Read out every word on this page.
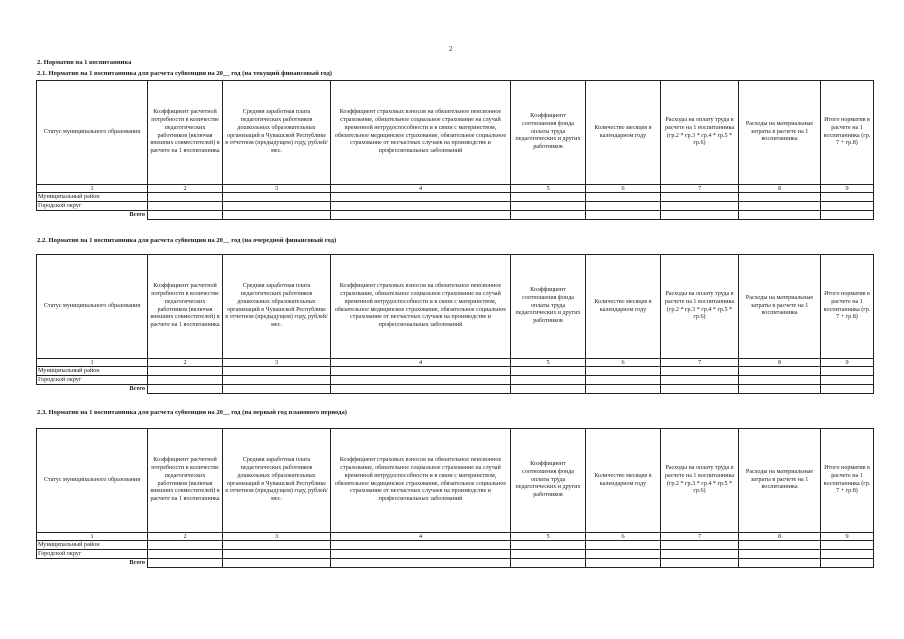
2
2. Норматив на 1 воспитанника
2.1. Норматив на 1 воспитанника для расчета субвенции на 20__ год (на текущий финансовый год)
Статус муниципального образования	Коэффициент расчетной потребности в количестве педагогических работников (включая внешних совместителей) в расчете на 1 воспитанника	Средняя заработная плата педагогических работников дошкольных образовательных организаций в Чувашской Республике в отчетном (предыдущем) году, рублей/мес.	Коэффициент страховых взносов на обязательное пенсионное страхование, обязательное социальное страхование на случай временной нетрудоспособности и в связи с материнством, обязательное медицинское страхование, обязательное социальное страхование от несчастных случаев на производстве и профессиональных заболеваний	Коэффициент соотношения фонда оплаты труда педагогических и других работников	Количество месяцев в календарном году	Расходы на оплату труда в расчете на 1 воспитанника (гр.2 * гр.3 * гр.4 * гр.5 * гр.6)	Расходы на материальные затраты в расчете на 1 воспитанника	Итого норматив в расчете на 1 воспитанника (гр. 7 + гр.8)
1	2	3	4	5	6	7	8	9
Муниципальный район								
Городской округ								
Всего								
2.2. Норматив на 1 воспитанника для расчета субвенции на 20__ год (на очередной финансовый год)
Статус муниципального образования	Коэффициент расчетной потребности в количестве педагогических работников (включая внешних совместителей) в расчете на 1 воспитанника	Средняя заработная плата педагогических работников дошкольных образовательных организаций в Чувашской Республике в отчетном (предыдущем) году, рублей/мес.	Коэффициент страховых взносов на обязательное пенсионное страхование, обязательное социальное страхование на случай временной нетрудоспособности и в связи с материнством, обязательное медицинское страхование, обязательное социальное страхование от несчастных случаев на производстве и профессиональных заболеваний	Коэффициент соотношения фонда оплаты труда педагогических и других работников	Количество месяцев в календарном году	Расходы на оплату труда в расчете на 1 воспитанника (гр.2 * гр.3 * гр.4 * гр.5 * гр.6)	Расходы на материальные затраты в расчете на 1 воспитанника	Итого норматив в расчете на 1 воспитанника (гр. 7 + гр.8)
1	2	3	4	5	6	7	8	9
Муниципальный район								
Городской округ								
Всего								
2.3. Норматив на 1 воспитанника для расчета субвенции на 20__ год (на первый год планового периода)
Статус муниципального образования	Коэффициент расчетной потребности в количестве педагогических работников (включая внешних совместителей) в расчете на 1 воспитанника	Средняя заработная плата педагогических работников дошкольных образовательных организаций в Чувашской Республике в отчетном (предыдущем) году, рублей/мес.	Коэффициент страховых взносов на обязательное пенсионное страхование, обязательное социальное страхование на случай временной нетрудоспособности и в связи с материнством, обязательное медицинское страхование, обязательное социальное страхование от несчастных случаев на производстве и профессиональных заболеваний	Коэффициент соотношения фонда оплаты труда педагогических и других работников	Количество месяцев в календарном году	Расходы на оплату труда в расчете на 1 воспитанника (гр.2 * гр.3 * гр.4 * гр.5 * гр.6)	Расходы на материальные затраты в расчете на 1 воспитанника	Итого норматив в расчете на 1 воспитанника (гр. 7 + гр.8)
1	2	3	4	5	6	7	8	9
Муниципальный район								
Городской округ								
Всего								
